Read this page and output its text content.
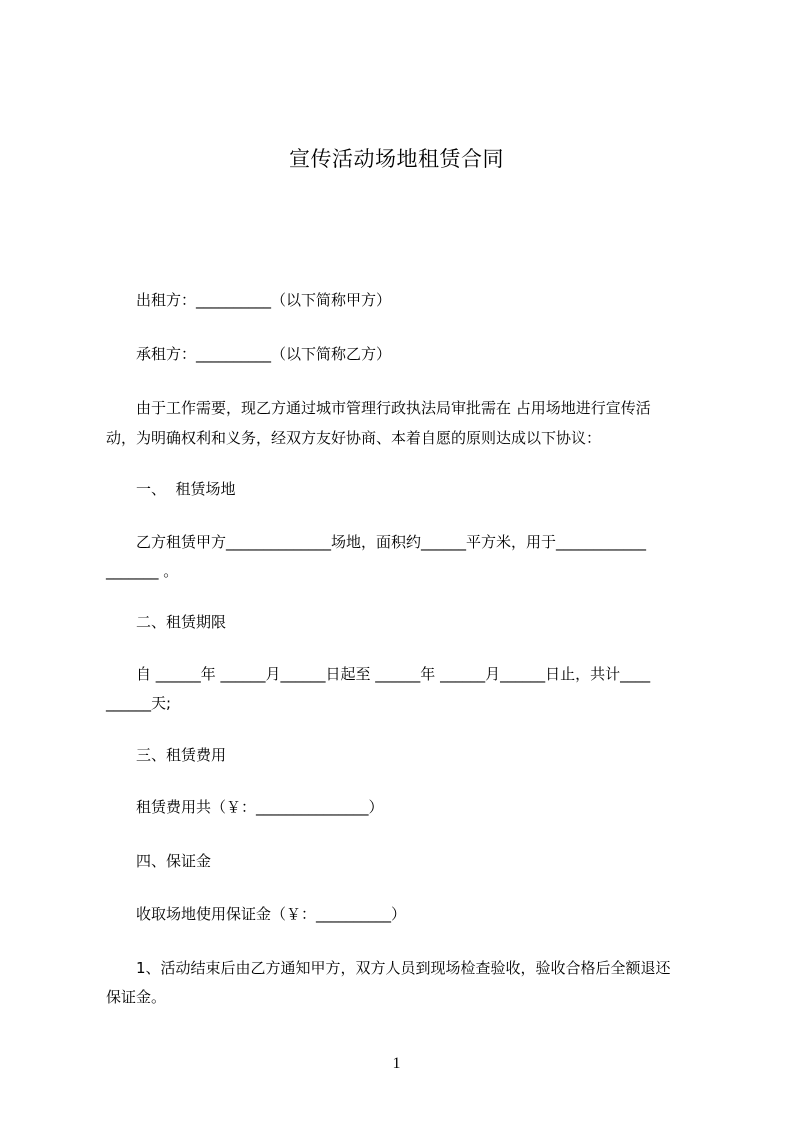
宣传活动场地租赁合同
出租方：__________（以下简称甲方）
承租方：__________（以下简称乙方）
由于工作需要，现乙方通过城市管理行政执法局审批需在 占用场地进行宣传活
动，为明确权利和义务，经双方友好协商、本着自愿的原则达成以下协议：
一、  租赁场地
乙方租赁甲方______________场地，面积约______平方米，用于____________
_______ 。
二、租赁期限
自 ______年 ______月______日起至 ______年 ______月______日止，共计____
______天;
三、租赁费用
租赁费用共（￥：_______________）
四、保证金
收取场地使用保证金（￥：__________）
1、活动结束后由乙方通知甲方，双方人员到现场检查验收，验收合格后全额退还
保证金。
1
